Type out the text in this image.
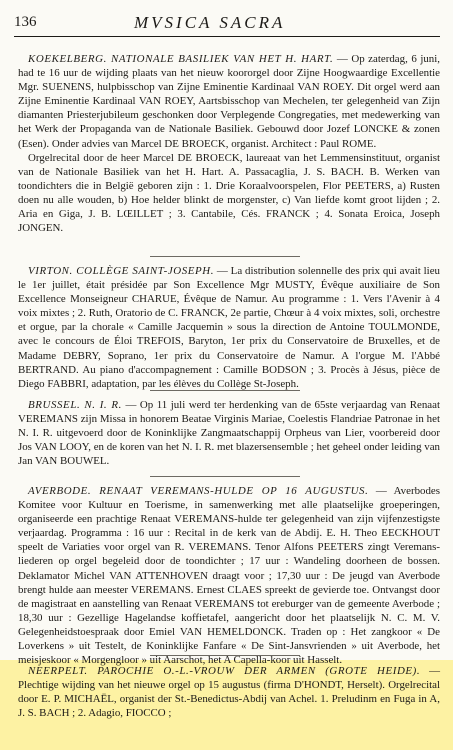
136	MVSICA SACRA

KOEKELBERG. NATIONALE BASILIEK VAN HET H. HART. — Op zaterdag, 6 juni, had te 16 uur de wijding plaats van het nieuw koororgel door Zijne Hoogwaardige Excellentie Mgr. SUENENS, hulpbisschop van Zijne Eminentie Kardinaal VAN ROEY. Dit orgel werd aan Zijne Eminentie Kardinaal VAN ROEY, Aartsbisschop van Mechelen, ter gelegenheid van Zijn diamanten Priesterjubileum geschonken door Verplegende Congregaties, met medewerking van het Werk der Propaganda van de Nationale Basiliek. Gebouwd door Jozef LONCKE & zonen (Esen). Onder advies van Marcel DE BROECK, organist. Architect : Paul ROME.

Orgelrecital door de heer Marcel DE BROECK, laureaat van het Lemmensinstituut, organist van de Nationale Basiliek van het H. Hart. A. Passacaglia, J. S. BACH. B. Werken van toondichters die in België geboren zijn : 1. Drie Koraalvoorspelen, Flor PEETERS, a) Rusten doen nu alle wouden, b) Hoe helder blinkt de morgenster, c) Van liefde komt groot lijden ; 2. Aria en Giga, J. B. LŒILLET ; 3. Cantabile, Cés. FRANCK ; 4. Sonata Eroica, Joseph JONGEN.

VIRTON. COLLÈGE SAINT-JOSEPH. — La distribution solennelle des prix qui avait lieu le 1er juillet, était présidée par Son Excellence Mgr MUSTY, Évêque auxiliaire de Son Excellence Monseigneur CHARUE, Évêque de Namur. Au programme : 1. Vers l'Avenir à 4 voix mixtes ; 2. Ruth, Oratorio de C. FRANCK, 2e partie, Chœur à 4 voix mixtes, soli, orchestre et orgue, par la chorale « Camille Jacquemin » sous la direction de Antoine TOULMONDE, avec le concours de Éloi TREFOIS, Baryton, 1er prix du Conservatoire de Bruxelles, et de Madame DEBRY, Soprano, 1er prix du Conservatoire de Namur. A l'orgue M. l'Abbé BERTRAND. Au piano d'accompagnement : Camille BODSON ; 3. Procès à Jésus, pièce de Diego FABBRI, adaptation, par les élèves du Collège St-Joseph.

BRUSSEL. N. I. R. — Op 11 juli werd ter herdenking van de 65ste verjaardag van Renaat VEREMANS zijn Missa in honorem Beatae Virginis Mariae, Coelestis Flandriae Patronae in het N. I. R. uitgevoerd door de Koninklijke Zangmaatschappij Orpheus van Lier, voorbereid door Jos VAN LOOY, en de koren van het N. I. R. met blazersensemble ; het geheel onder leiding van Jan VAN BOUWEL.

AVERBODE. RENAAT VEREMANS-HULDE OP 16 AUGUSTUS. — Averbodes Komitee voor Kultuur en Toerisme, in samenwerking met alle plaatselijke groeperingen, organiseerde een prachtige Renaat VEREMANS-hulde ter gelegenheid van zijn vijfenzestigste verjaardag. Programma : 16 uur : Recital in de kerk van de Abdij. E. H. Theo EECKHOUT speelt de Variaties voor orgel van R. VEREMANS. Tenor Alfons PEETERS zingt Veremans-liederen op orgel begeleid door de toondichter ; 17 uur : Wandeling doorheen de bossen. Deklamator Michel VAN ATTENHOVEN draagt voor ; 17,30 uur : De jeugd van Averbode brengt hulde aan meester VEREMANS. Ernest CLAES spreekt de gevierde toe. Ontvangst door de magistraat en aanstelling van Renaat VEREMANS tot ereburger van de gemeente Averbode ; 18,30 uur : Gezellige Hagelandse koffietafel, aangericht door het plaatselijk N. C. M. V. Gelegenheidstoespraak door Emiel VAN HEMELDONCK. Traden op : Het zangkoor « De Loverkens » uit Testelt, de Koninklijke Fanfare « De Sint-Jansvrienden » uit Averbode, het meisjeskoor « Morgengloor » uit Aarschot, het A Capella-koor uit Hasselt.

NEERPELT. PAROCHIE O.-L.-VROUW DER ARMEN (GROTE HEIDE). — Plechtige wijding van het nieuwe orgel op 15 augustus (firma D'HONDT, Herselt). Orgelrecital door E. P. MICHAËL, organist der St.-Benedictus-Abdij van Achel. 1. Preludinm en Fuga in A, J. S. BACH ; 2. Adagio, FIOCCO ;
